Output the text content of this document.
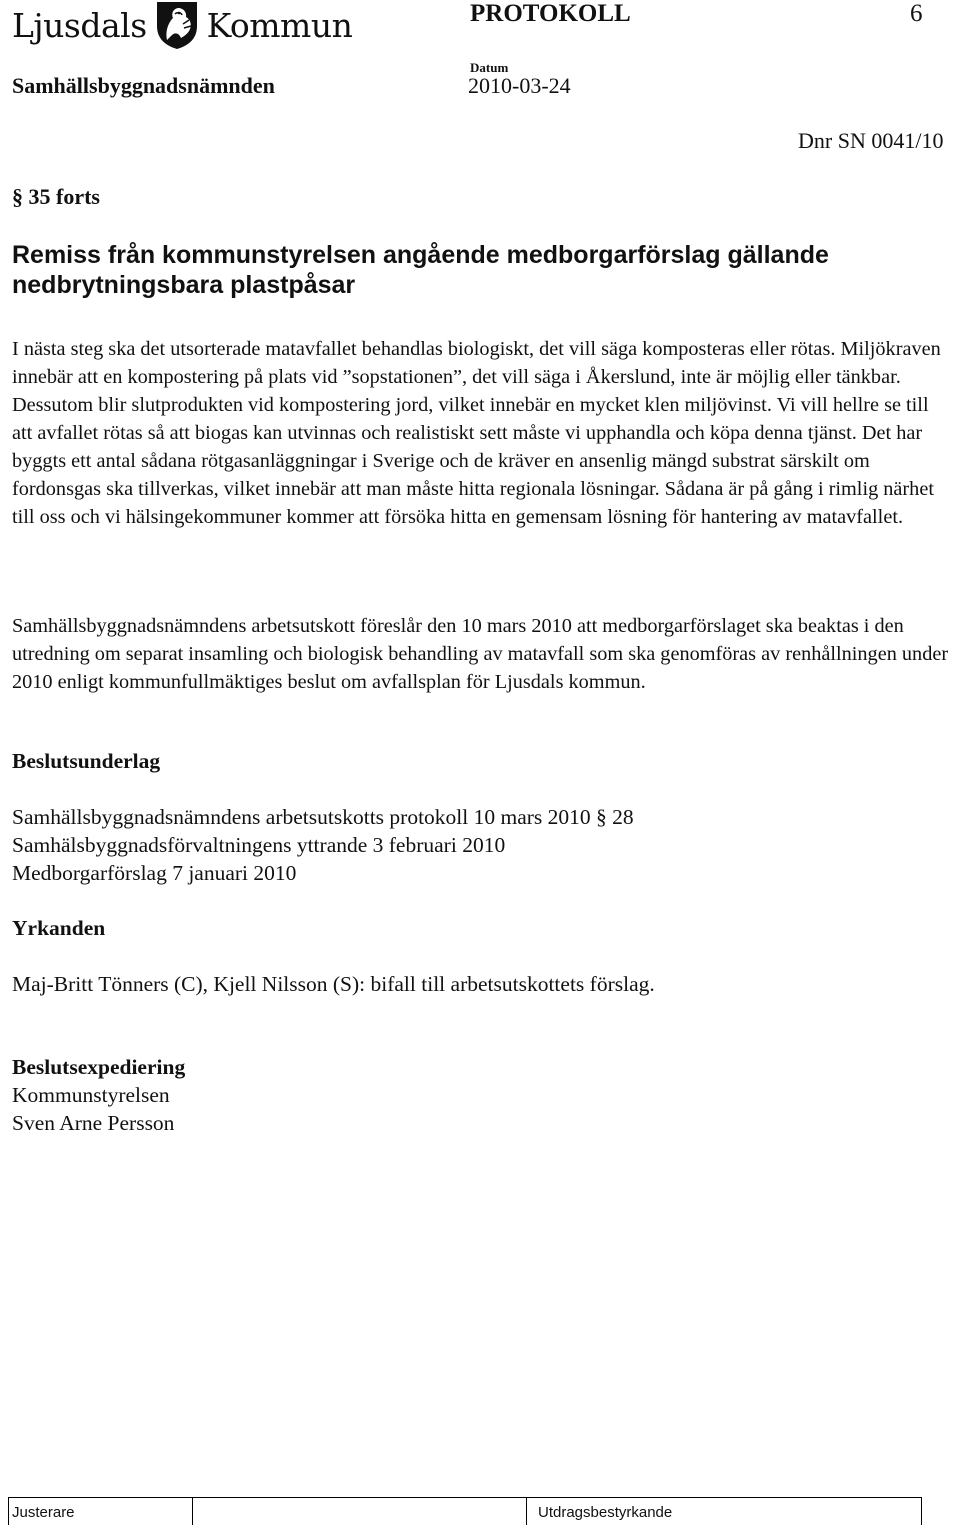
Ljusdals Kommun	PROTOKOLL	6
Samhällsbyggnadsnämnden
Datum
2010-03-24
Dnr SN 0041/10
§ 35 forts
Remiss från kommunstyrelsen angående medborgarförslag gällande nedbrytningsbara plastpåsar
I nästa steg ska det utsorterade matavfallet behandlas biologiskt, det vill säga komposteras eller rötas. Miljökraven innebär att en kompostering på plats vid ”sopstationen”, det vill säga i Åkerslund, inte är möjlig eller tänkbar. Dessutom blir slutprodukten vid kompostering jord, vilket innebär en mycket klen miljövinst. Vi vill hellre se till att avfallet rötas så att biogas kan utvinnas och realistiskt sett måste vi upphandla och köpa denna tjänst. Det har byggts ett antal sådana rötgasanläggningar i Sverige och de kräver en ansenlig mängd substrat särskilt om fordonsgas ska tillverkas, vilket innebär att man måste hitta regionala lösningar. Sådana är på gång i rimlig närhet till oss och vi hälsingekommuner kommer att försöka hitta en gemensam lösning för hantering av matavfallet.
Samhällsbyggnadsnämndens arbetsutskott föreslår den 10 mars 2010 att medborgarförslaget ska beaktas i den utredning om separat insamling och biologisk behandling av matavfall som ska genomföras av renhållningen under 2010 enligt kommunfullmäktiges beslut om avfallsplan för Ljusdals kommun.
Beslutsunderlag
Samhällsbyggnadsnämndens arbetsutskotts protokoll 10 mars 2010 § 28
Samhälsbyggnadsförvaltningens yttrande 3 februari 2010
Medborgarförslag 7 januari 2010
Yrkanden
Maj-Britt Tönners (C), Kjell Nilsson (S): bifall till arbetsutskottets förslag.
Beslutsexpediering
Kommunstyrelsen
Sven Arne Persson
Justerare	Utdragsbestyrkande
